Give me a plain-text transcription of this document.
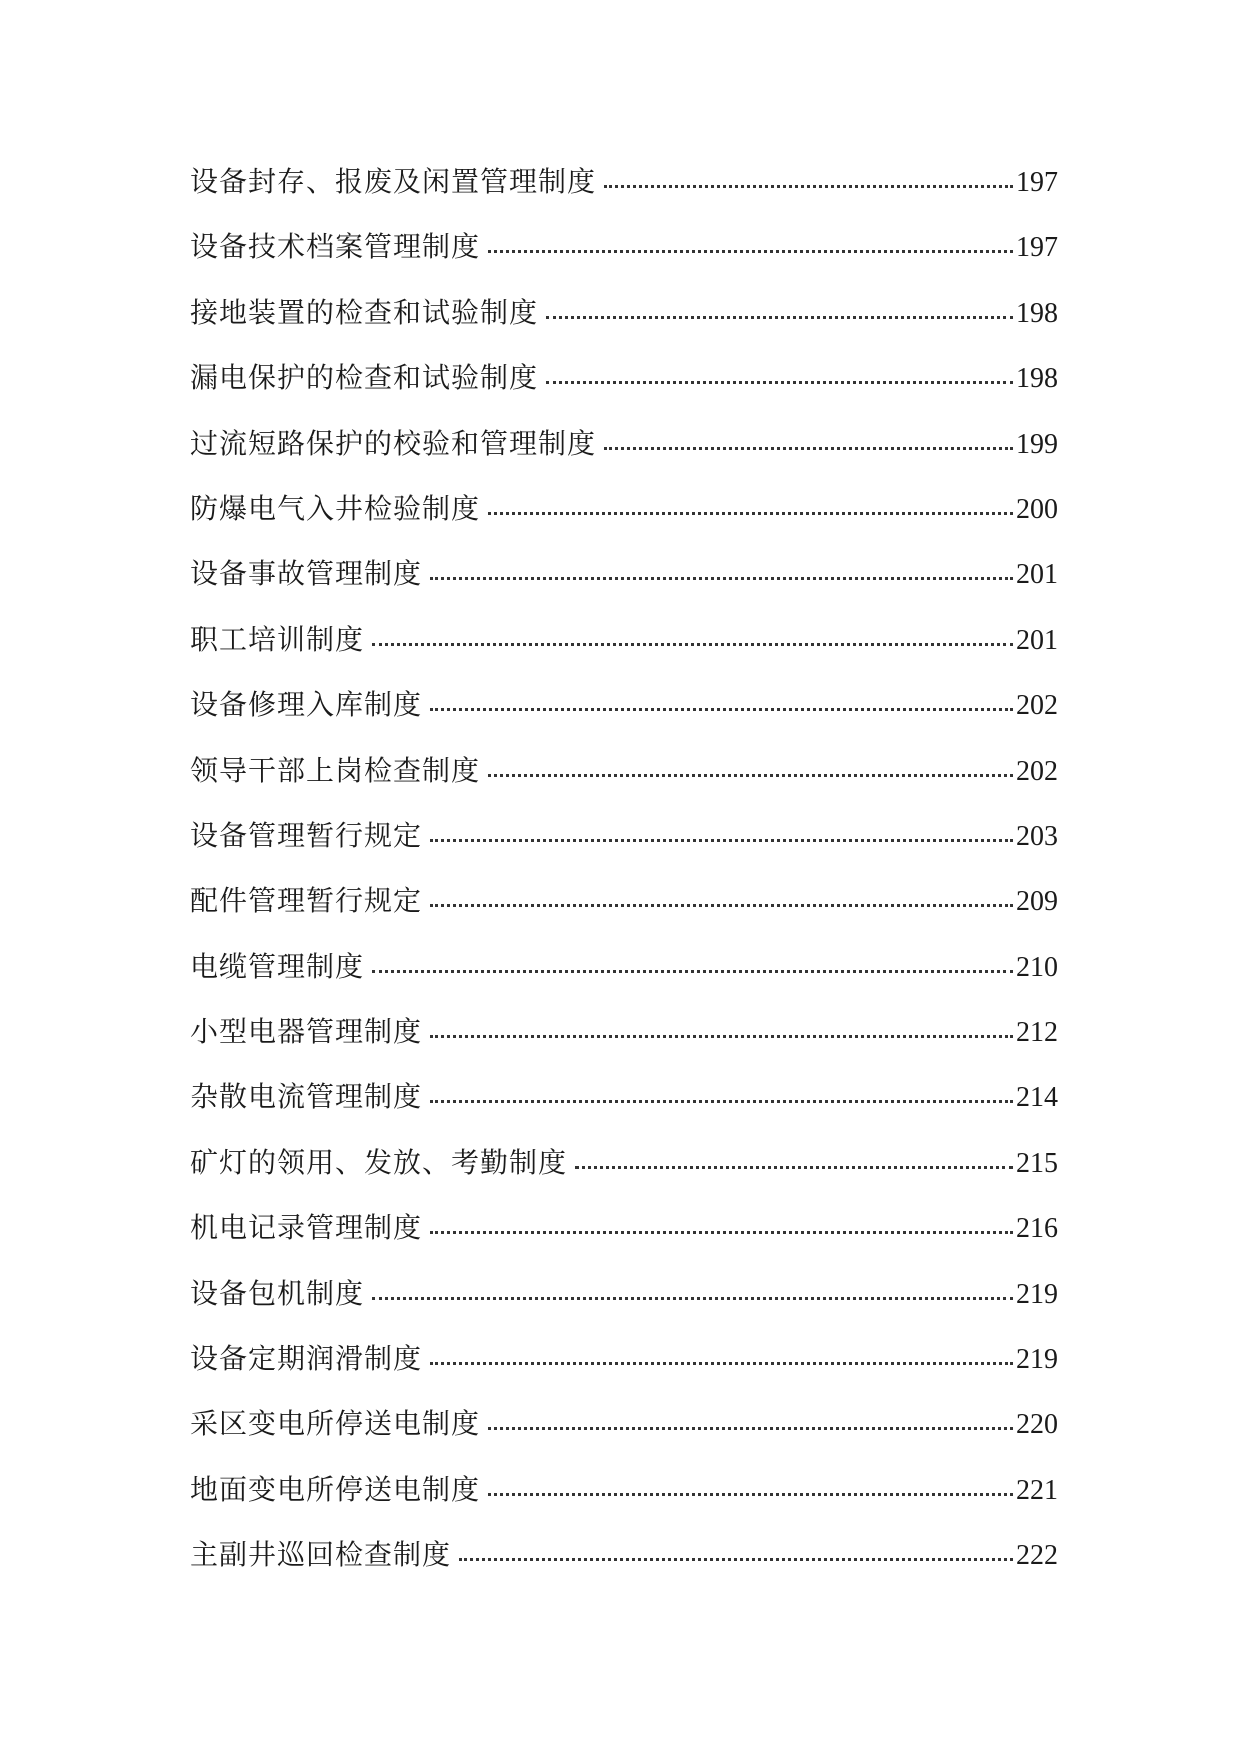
设备封存、报废及闲置管理制度	197
设备技术档案管理制度	197
接地装置的检查和试验制度	198
漏电保护的检查和试验制度	198
过流短路保护的校验和管理制度	199
防爆电气入井检验制度	200
设备事故管理制度	201
职工培训制度	201
设备修理入库制度	202
领导干部上岗检查制度	202
设备管理暂行规定	203
配件管理暂行规定	209
电缆管理制度	210
小型电器管理制度	212
杂散电流管理制度	214
矿灯的领用、发放、考勤制度	215
机电记录管理制度	216
设备包机制度	219
设备定期润滑制度	219
采区变电所停送电制度	220
地面变电所停送电制度	221
主副井巡回检查制度	222
